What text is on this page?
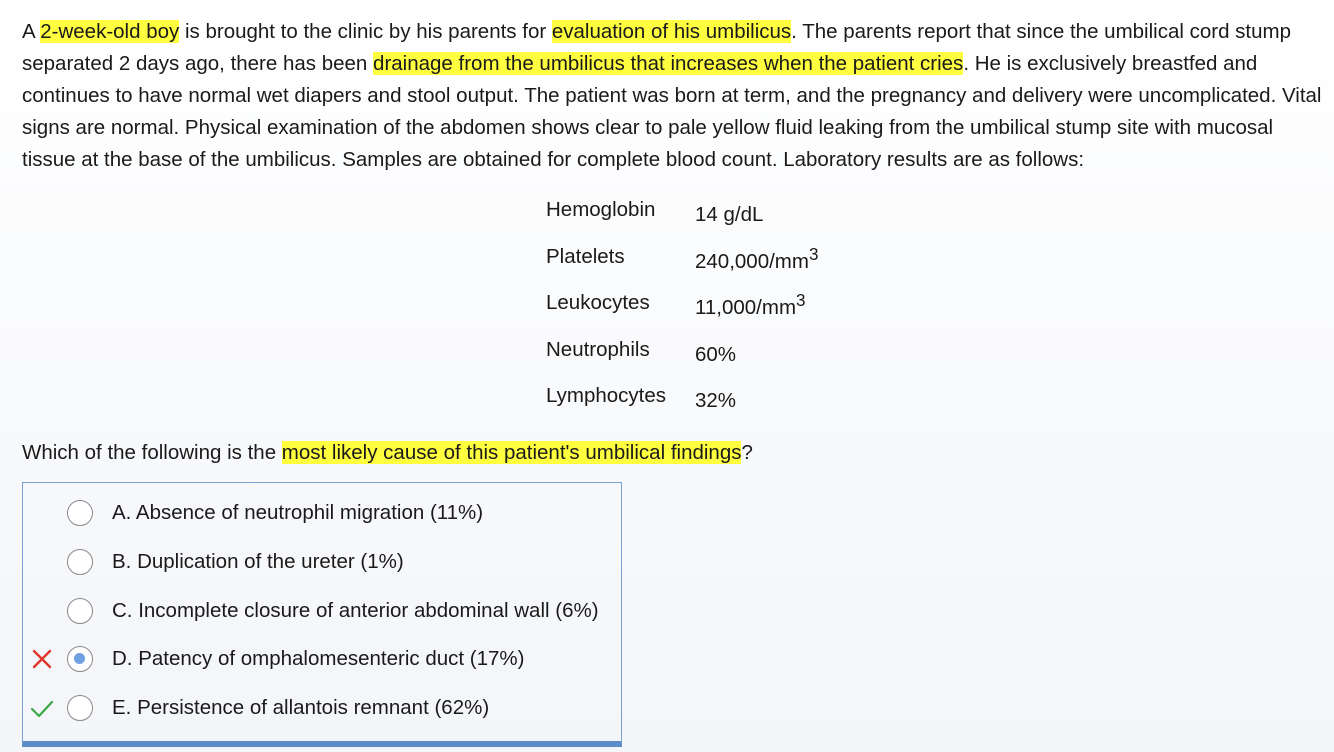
A 2-week-old boy is brought to the clinic by his parents for evaluation of his umbilicus. The parents report that since the umbilical cord stump separated 2 days ago, there has been drainage from the umbilicus that increases when the patient cries. He is exclusively breastfed and continues to have normal wet diapers and stool output. The patient was born at term, and the pregnancy and delivery were uncomplicated. Vital signs are normal. Physical examination of the abdomen shows clear to pale yellow fluid leaking from the umbilical stump site with mucosal tissue at the base of the umbilicus. Samples are obtained for complete blood count. Laboratory results are as follows:
Hemoglobin	14 g/dL
Platelets	$240,000/mm^3$
Leukocytes	$11,000/mm^3$
Neutrophils	60%
Lymphocytes	32%
Which of the following is the most likely cause of this patient's umbilical findings?
A. Absence of neutrophil migration (11%)
B. Duplication of the ureter (1%)
C. Incomplete closure of anterior abdominal wall (6%)
D. Patency of omphalomesenteric duct (17%)
E. Persistence of allantois remnant (62%)
